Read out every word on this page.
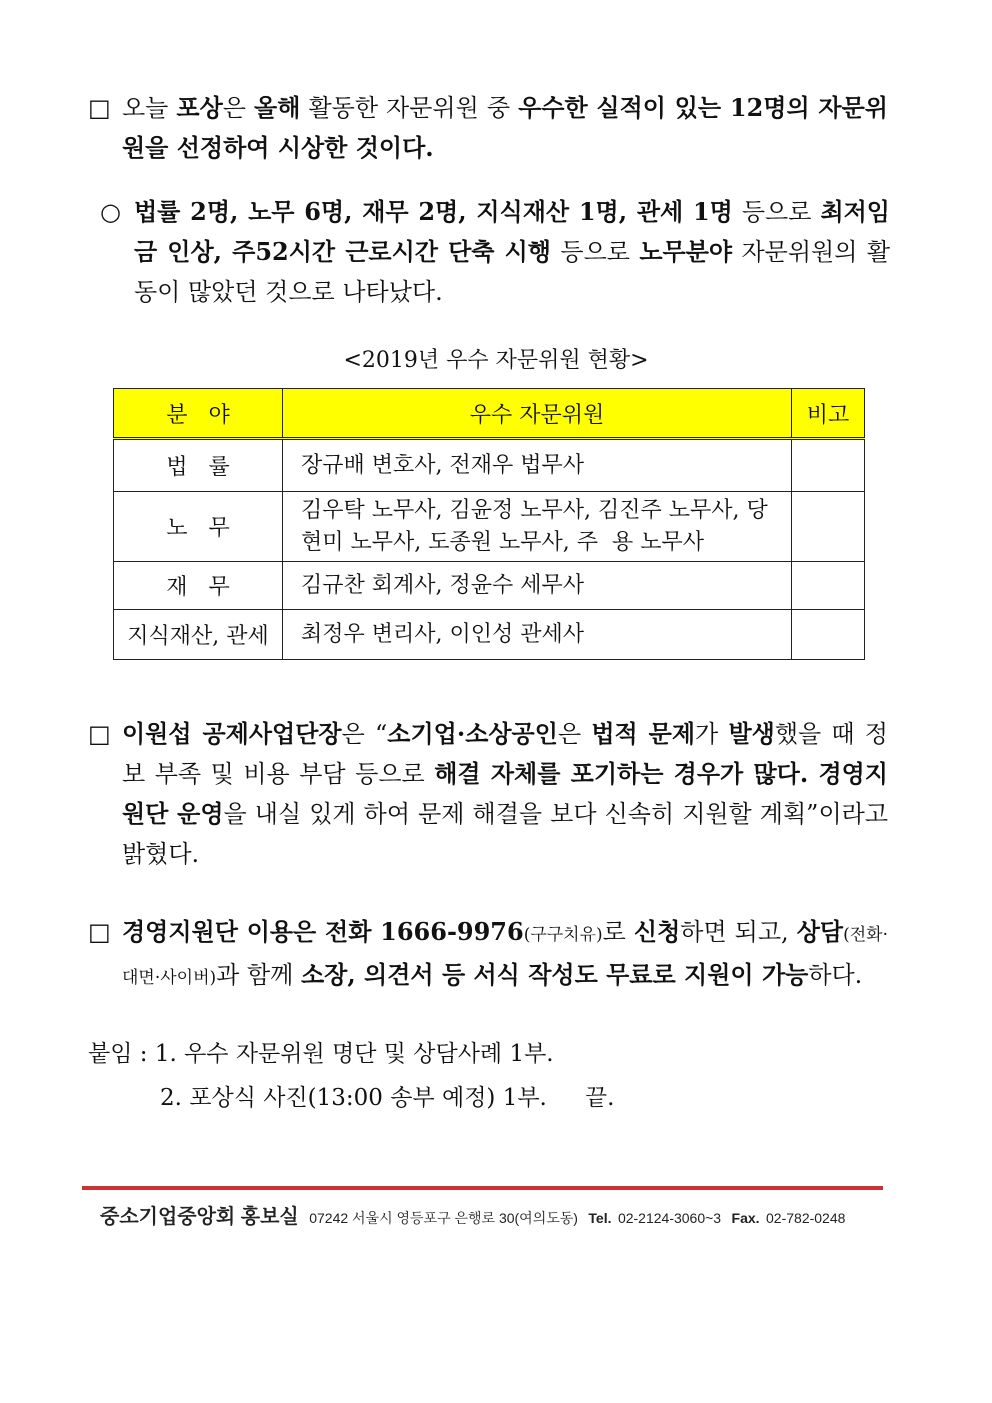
□ 오늘 포상은 올해 활동한 자문위원 중 우수한 실적이 있는 12명의 자문위원을 선정하여 시상한 것이다.
○ 법률 2명, 노무 6명, 재무 2명, 지식재산 1명, 관세 1명 등으로 최저임금 인상, 주52시간 근로시간 단축 시행 등으로 노무분야 자문위원의 활동이 많았던 것으로 나타났다.
<2019년 우수 자문위원 현황>
분   야	우수 자문위원	비고
법   률	장규배 변호사, 전재우 법무사	
노   무	김우탁 노무사, 김윤정 노무사, 김진주 노무사, 당현미 노무사, 도종원 노무사, 주  용 노무사	
재   무	김규찬 회계사, 정윤수 세무사	
지식재산, 관세	최정우 변리사, 이인성 관세사	
□ 이원섭 공제사업단장은 “소기업·소상공인은 법적 문제가 발생했을 때 정보 부족 및 비용 부담 등으로 해결 자체를 포기하는 경우가 많다. 경영지원단 운영을 내실 있게 하여 문제 해결을 보다 신속히 지원할 계획”이라고 밝혔다.
□ 경영지원단 이용은 전화 1666-9976(구구치유)로 신청하면 되고, 상담(전화·대면·사이버)과 함께 소장, 의견서 등 서식 작성도 무료로 지원이 가능하다.
붙임 : 1. 우수 자문위원 명단 및 상담사례 1부.
2. 포상식 사진(13:00 송부 예정) 1부. 끝.
중소기업중앙회 홍보실 07242 서울시 영등포구 은행로 30(여의도동) Tel. 02-2124-3060~3 Fax. 02-782-0248
